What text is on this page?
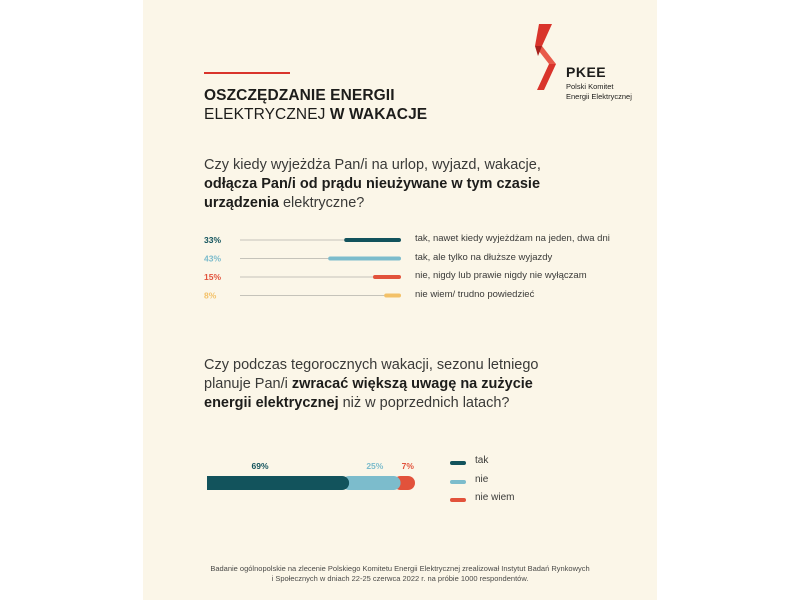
OSZCZĘDZANIE ENERGII
ELEKTRYCZNEJ W WAKACJE
PKEE
Polski Komitet
Energii Elektrycznej
Czy kiedy wyjeżdża Pan/i na urlop, wyjazd, wakacje,
odłącza Pan/i od prądu nieużywane w tym czasie urządzenia elektryczne?
33%
43%
15%
8%
tak, nawet kiedy wyjeżdżam na jeden, dwa dni
tak, ale tylko na dłuższe wyjazdy
nie, nigdy lub prawie nigdy nie wyłączam
nie wiem/ trudno powiedzieć
Czy podczas tegorocznych wakacji, sezonu letniego planuje Pan/i zwracać większą uwagę na zużycie energii elektrycznej niż w poprzednich latach?
69%	25% 7%	tak
nie
nie wiem
Badanie ogólnopolskie na zlecenie Polskiego Komitetu Energii Elektrycznej zrealizował Instytut Badań Rynkowych
i Społecznych w dniach 22-25 czerwca 2022 r. na próbie 1000 respondentów.
